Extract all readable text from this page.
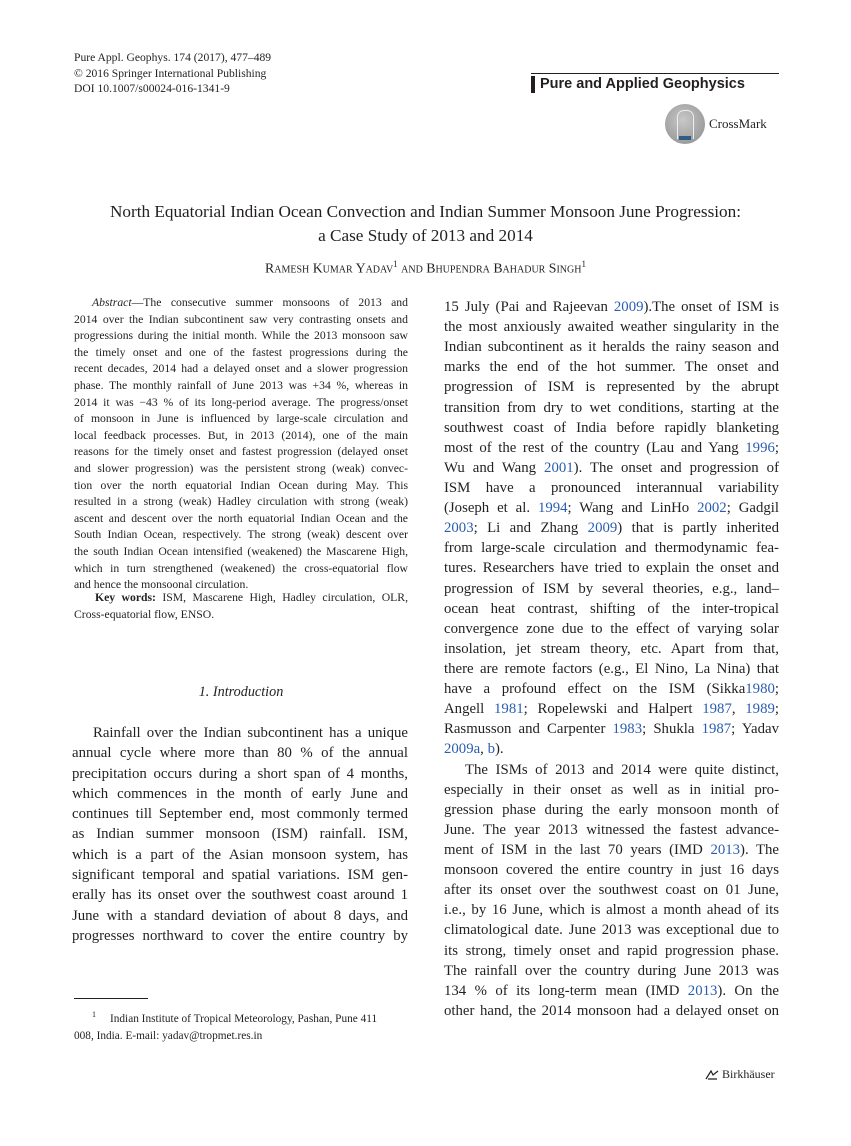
Pure Appl. Geophys. 174 (2017), 477–489
© 2016 Springer International Publishing
DOI 10.1007/s00024-016-1341-9	Pure and Applied Geophysics
CrossMark
North Equatorial Indian Ocean Convection and Indian Summer Monsoon June Progression:
a Case Study of 2013 and 2014
Ramesh Kumar Yadav$^1$ and Bhupendra Bahadur Singh$^1$
Abstract—The consecutive summer monsoons of 2013 and
2014 over the Indian subcontinent saw very contrasting onsets and
progressions during the initial month. While the 2013 monsoon saw
the timely onset and one of the fastest progressions during the
recent decades, 2014 had a delayed onset and a slower progression
phase. The monthly rainfall of June 2013 was +34 %, whereas in
2014 it was −43 % of its long-period average. The progress/onset
of monsoon in June is influenced by large-scale circulation and
local feedback processes. But, in 2013 (2014), one of the main
reasons for the timely onset and fastest progression (delayed onset
and slower progression) was the persistent strong (weak) convec-
tion over the north equatorial Indian Ocean during May. This
resulted in a strong (weak) Hadley circulation with strong (weak)
ascent and descent over the north equatorial Indian Ocean and the
South Indian Ocean, respectively. The strong (weak) descent over
the south Indian Ocean intensified (weakened) the Mascarene High,
which in turn strengthened (weakened) the cross-equatorial flow
and hence the monsoonal circulation.
Key words: ISM, Mascarene High, Hadley circulation, OLR,
Cross-equatorial flow, ENSO.
1. Introduction
Rainfall over the Indian subcontinent has a unique
annual cycle where more than 80 % of the annual
precipitation occurs during a short span of 4 months,
which commences in the month of early June and
continues till September end, most commonly termed
as Indian summer monsoon (ISM) rainfall. ISM,
which is a part of the Asian monsoon system, has
significant temporal and spatial variations. ISM gen-
erally has its onset over the southwest coast around 1
June with a standard deviation of about 8 days, and
progresses northward to cover the entire country by
15 July (Pai and Rajeevan 2009).The onset of ISM is
the most anxiously awaited weather singularity in the
Indian subcontinent as it heralds the rainy season and
marks the end of the hot summer. The onset and
progression of ISM is represented by the abrupt
transition from dry to wet conditions, starting at the
southwest coast of India before rapidly blanketing
most of the rest of the country (Lau and Yang 1996;
Wu and Wang 2001). The onset and progression of
ISM have a pronounced interannual variability
(Joseph et al. 1994; Wang and LinHo 2002; Gadgil
2003; Li and Zhang 2009) that is partly inherited
from large-scale circulation and thermodynamic fea-
tures. Researchers have tried to explain the onset and
progression of ISM by several theories, e.g., land–
ocean heat contrast, shifting of the inter-tropical
convergence zone due to the effect of varying solar
insolation, jet stream theory, etc. Apart from that,
there are remote factors (e.g., El Nino, La Nina) that
have a profound effect on the ISM (Sikka1980;
Angell 1981; Ropelewski and Halpert 1987, 1989;
Rasmusson and Carpenter 1983; Shukla 1987; Yadav
2009a, b).
The ISMs of 2013 and 2014 were quite distinct,
especially in their onset as well as in initial pro-
gression phase during the early monsoon month of
June. The year 2013 witnessed the fastest advance-
ment of ISM in the last 70 years (IMD 2013). The
monsoon covered the entire country in just 16 days
after its onset over the southwest coast on 01 June,
i.e., by 16 June, which is almost a month ahead of its
climatological date. June 2013 was exceptional due to
its strong, timely onset and rapid progression phase.
The rainfall over the country during June 2013 was
134 % of its long-term mean (IMD 2013). On the
other hand, the 2014 monsoon had a delayed onset on
$^1$ Indian Institute of Tropical Meteorology, Pashan, Pune 411
008, India. E-mail: yadav@tropmet.res.in
Birkhäuser
